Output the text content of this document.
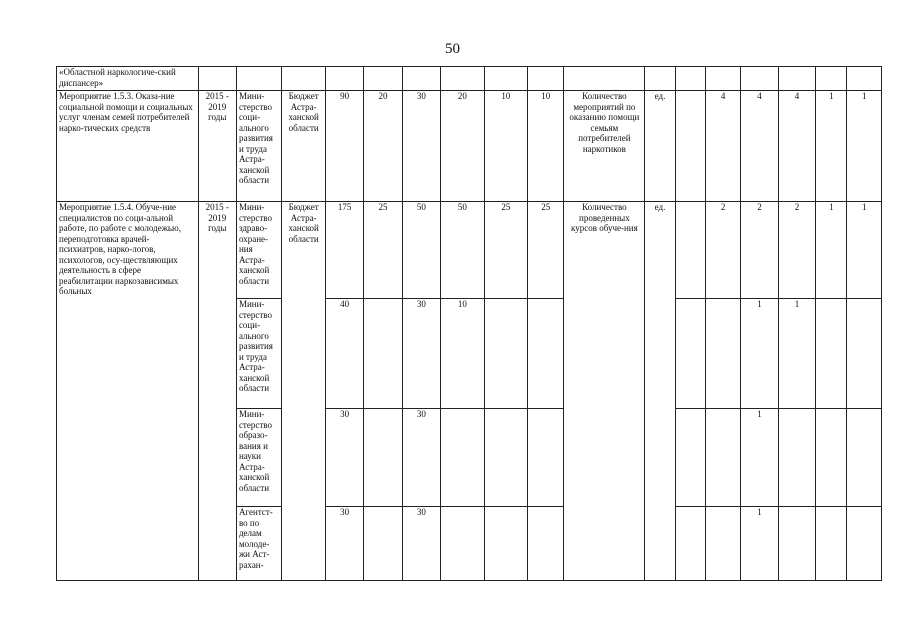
50
«Областной наркологиче-ский диспансер»																	
Мероприятие 1.5.3. Оказа-ние социальной помощи и социальных услуг членам семей потребителей нарко-тических средств	2015 - 2019 годы	Мини-стерство соци-ального развития и труда Астра-ханской области	Бюджет Астра-ханской области	90	20	30	20	10	10	Количество мероприятий по оказанию помощи семьям потребителей наркотиков	ед.		4	4	4	1	1
Мероприятие 1.5.4. Обуче-ние специалистов по соци-альной работе, по работе с молодежью, переподготовка врачей-психиатров, нарко-логов, психологов, осу-ществляющих деятельность в сфере реабилитации наркозависимых больных	2015 - 2019 годы	Мини-стерство здраво-охране-ния Астра-ханской области	Бюджет Астра-ханской области	175	25	50	50	25	25	Количество проведенных курсов обуче-ния	ед.		2	2	2	1	1
		Мини-стерство соци-ального развития и труда Астра-ханской области		40		30	10							1	1		
		Мини-стерство образо-вания и науки Астра-ханской области		30		30								1			
		Агентст-во по делам молоде-жи Аст-рахан-		30		30								1			
